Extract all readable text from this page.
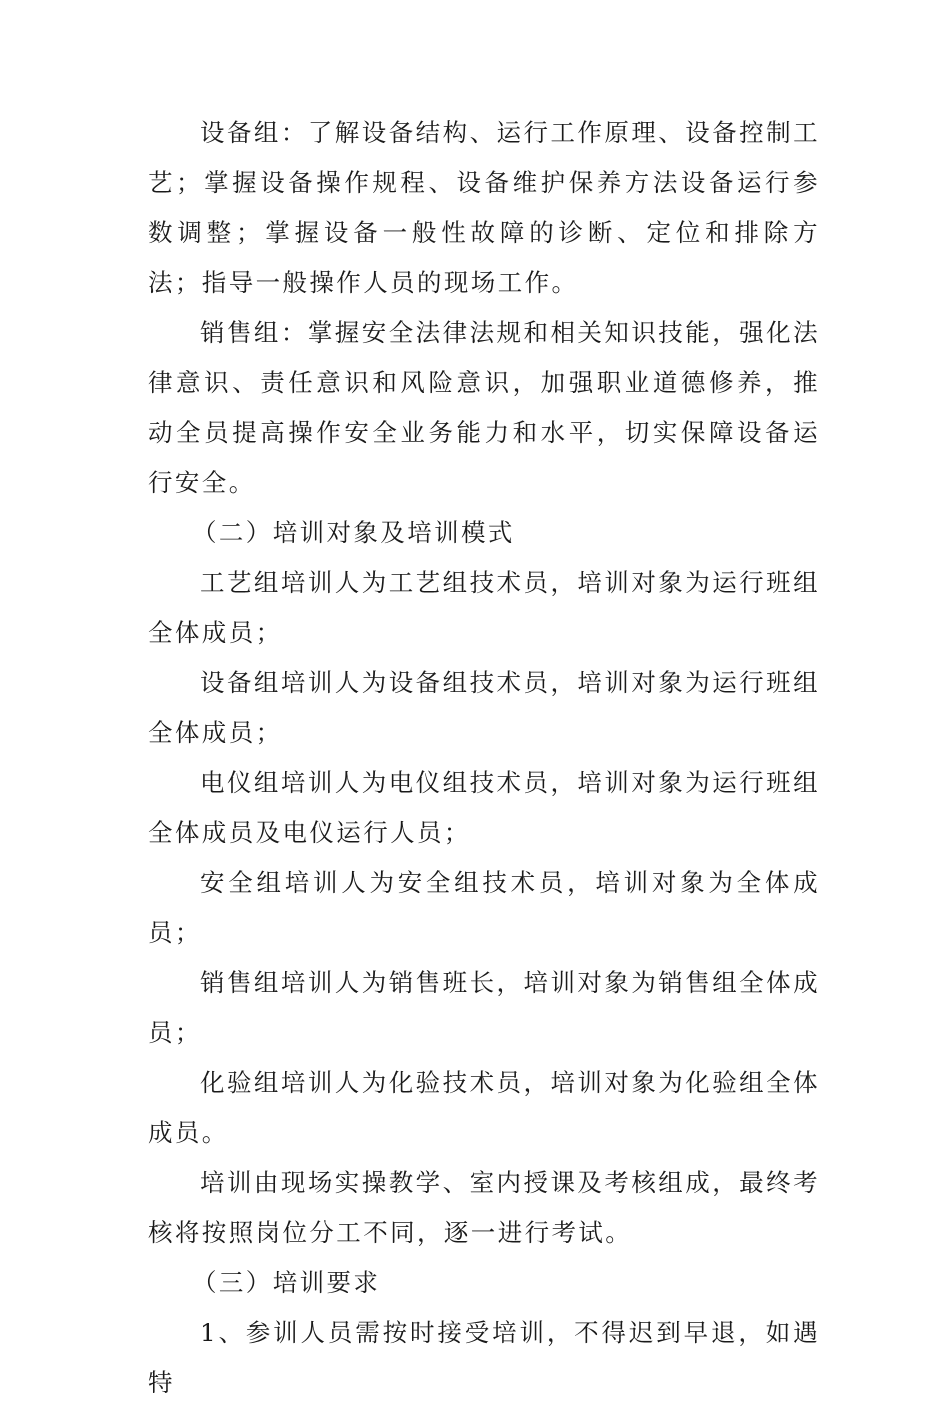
设备组：了解设备结构、运行工作原理、设备控制工艺；掌握设备操作规程、设备维护保养方法设备运行参数调整；掌握设备一般性故障的诊断、定位和排除方法；指导一般操作人员的现场工作。

销售组：掌握安全法律法规和相关知识技能，强化法律意识、责任意识和风险意识，加强职业道德修养，推动全员提高操作安全业务能力和水平，切实保障设备运行安全。

（二）培训对象及培训模式

工艺组培训人为工艺组技术员，培训对象为运行班组全体成员；

设备组培训人为设备组技术员，培训对象为运行班组全体成员；

电仪组培训人为电仪组技术员，培训对象为运行班组全体成员及电仪运行人员；

安全组培训人为安全组技术员，培训对象为全体成员；

销售组培训人为销售班长，培训对象为销售组全体成员；

化验组培训人为化验技术员，培训对象为化验组全体成员。

培训由现场实操教学、室内授课及考核组成，最终考核将按照岗位分工不同，逐一进行考试。

（三）培训要求

1、参训人员需按时接受培训，不得迟到早退，如遇特
